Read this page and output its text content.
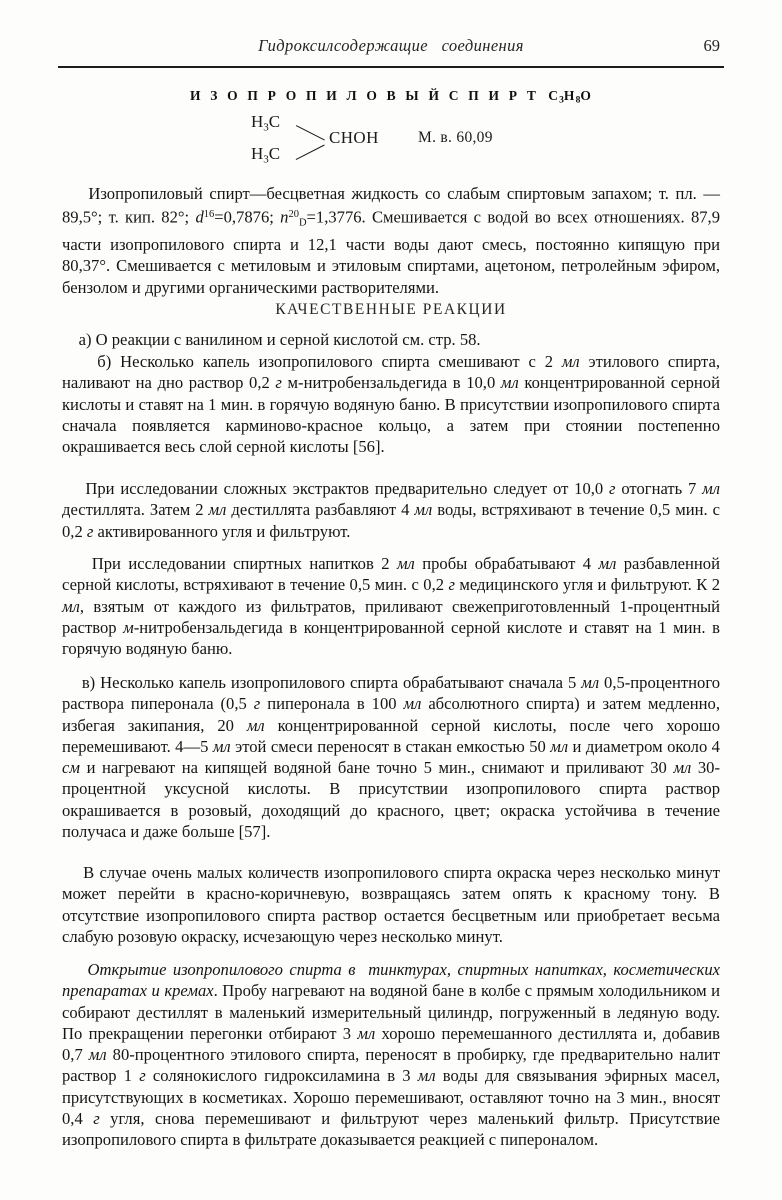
Гидроксилсодержащие   соединения	69
И З О П Р О П И Л О В Ы Й С П И Р Т C3H8O
H3C
H3C
CHOH	М. в. 60,09

Изопропиловый спирт—бесцветная жидкость со слабым спиртовым запахом; т. пл. —89,5°; т. кип. 82°; $d^{16}=0,7876$; $n^{20}_D=1,3776$. Смешивается с водой во всех отношениях. 87,9 части изопропилового спирта и 12,1 части воды дают смесь, постоянно кипящую при 80,37°. Смешивается с метиловым и этиловым спиртами, ацетоном, петролейным эфиром, бензолом и другими органическими растворителями.

КАЧЕСТВЕННЫЕ РЕАКЦИИ

а) О реакции с ванилином и серной кислотой см. стр. 58.

б) Несколько капель изопропилового спирта смешивают с 2 мл этилового спирта, наливают на дно раствор 0,2 г м-нитробензальдегида в 10,0 мл концентрированной серной кислоты и ставят на 1 мин. в горячую водяную баню. В присутствии изопропилового спирта сначала появляется карминово-красное кольцо, а затем при стоянии постепенно окрашивается весь слой серной кислоты [56].

При исследовании сложных экстрактов предварительно следует от 10,0 г отогнать 7 мл дестиллята. Затем 2 мл дестиллята разбавляют 4 мл воды, встряхивают в течение 0,5 мин. с 0,2 г активированного угля и фильтруют.

При исследовании спиртных напитков 2 мл пробы обрабатывают 4 мл разбавленной серной кислоты, встряхивают в течение 0,5 мин. с 0,2 г медицинского угля и фильтруют. К 2 мл, взятым от каждого из фильтратов, приливают свежеприготовленный 1-процентный раствор м-нитробензальдегида в концентрированной серной кислоте и ставят на 1 мин. в горячую водяную баню.

в) Несколько капель изопропилового спирта обрабатывают сначала 5 мл 0,5-процентного раствора пиперонала (0,5 г пиперонала в 100 мл абсолютного спирта) и затем медленно, избегая закипания, 20 мл концентрированной серной кислоты, после чего хорошо перемешивают. 4—5 мл этой смеси переносят в стакан емкостью 50 мл и диаметром около 4 см и нагревают на кипящей водяной бане точно 5 мин., снимают и приливают 30 мл 30-процентной уксусной кислоты. В присутствии изопропилового спирта раствор окрашивается в розовый, доходящий до красного, цвет; окраска устойчива в течение получаса и даже больше [57].

В случае очень малых количеств изопропилового спирта окраска через несколько минут может перейти в красно-коричневую, возвращаясь затем опять к красному тону. В отсутствие изопропилового спирта раствор остается бесцветным или приобретает весьма слабую розовую окраску, исчезающую через несколько минут.

Открытие изопропилового спирта в  тинктурах, спиртных напитках, косметических препаратах и кремах. Пробу нагревают на водяной бане в колбе с прямым холодильником и собирают дестиллят в маленький измерительный цилиндр, погруженный в ледяную воду. По прекращении перегонки отбирают 3 мл хорошо перемешанного дестиллята и, добавив 0,7 мл 80-процентного этилового спирта, переносят в пробирку, где предварительно налит раствор 1 г солянокислого гидроксиламина в 3 мл воды для связывания эфирных масел, присутствующих в косметиках. Хорошо перемешивают, оставляют точно на 3 мин., вносят 0,4 г угля, снова перемешивают и фильтруют через маленький фильтр. Присутствие изопропилового спирта в фильтрате доказывается реакцией с пипероналом.
